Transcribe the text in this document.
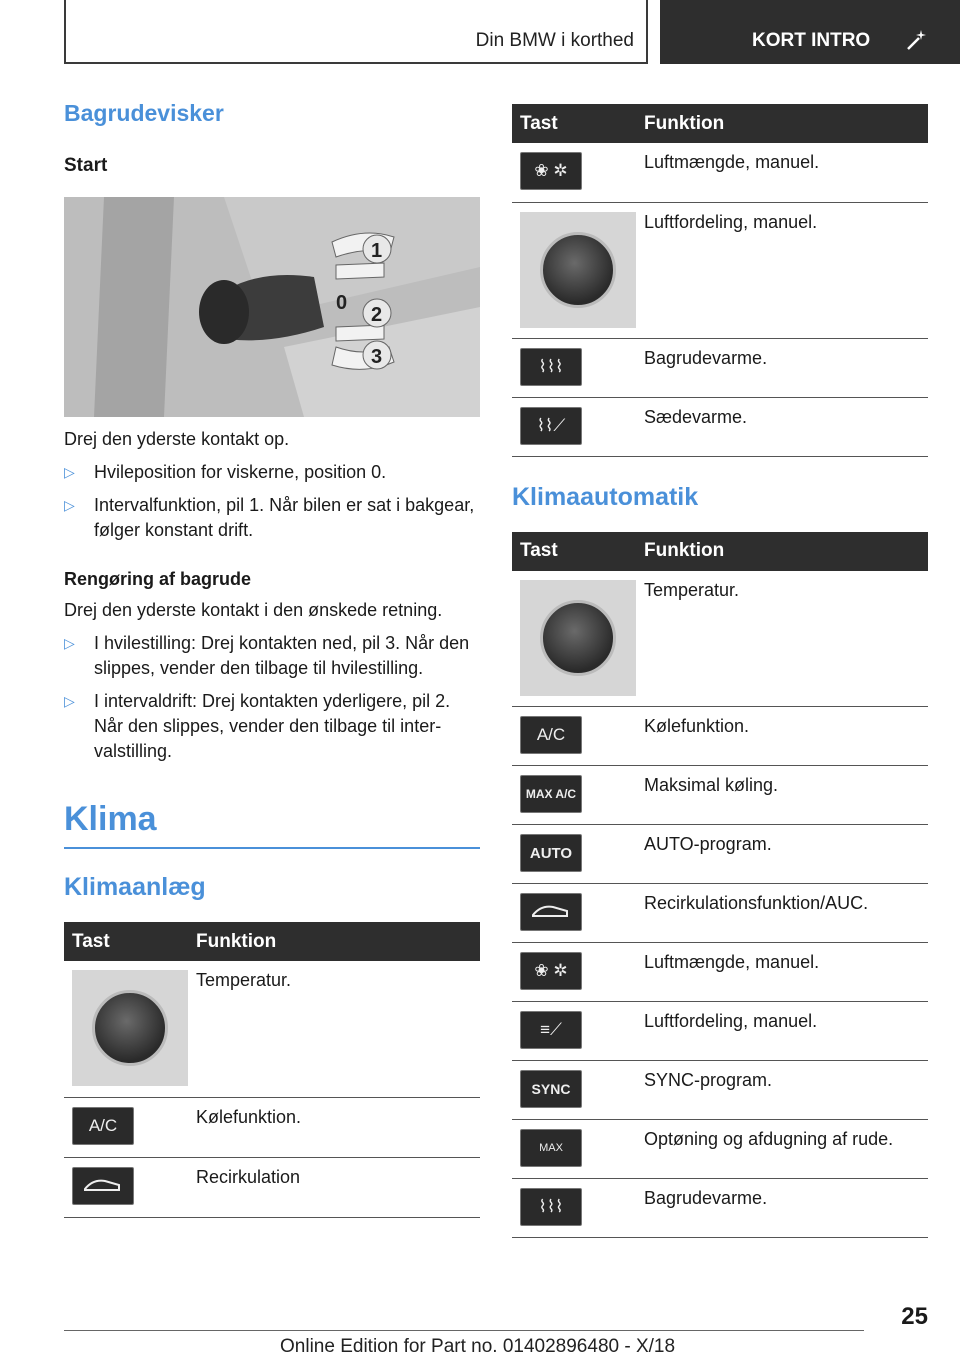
Din BMW i korthed	KORT INTRO
Bagrudevisker
Start
1
0
2
3

Drej den yderste kontakt op.

▷ Hvileposition for viskerne, position 0.
▷ Intervalfunktion, pil 1. Når bilen er sat i bakgear, følger konstant drift.
Rengøring af bagrude

Drej den yderste kontakt i den ønskede retning.

▷ I hvilestilling: Drej kontakten ned, pil 3. Når den slippes, vender den tilbage til hvilestilling.
▷ I intervaldrift: Drej kontakten yderligere, pil 2. Når den slippes, vender den tilbage til intervalstilling.
Klima
Klimaanlæg
Tast	Funktion

	Temperatur.

A/C	Kølefunktion.

	Recirkulation
Tast	Funktion

❀ ✲	Luftmængde, manuel.

	Luftfordeling, manuel.

⌇⌇⌇	Bagrudevarme.

⌇⌇⟋	Sædevarme.
Klimaautomatik
Tast	Funktion

	Temperatur.

A/C	Kølefunktion.

MAX A/C	Maksimal køling.

AUTO	AUTO-program.

	Recirkulationsfunktion/AUC.

❀ ✲	Luftmængde, manuel.

≡⟋	Luftfordeling, manuel.

SYNC	SYNC-program.

MAX	Optøning og afdugning af rude.

⌇⌇⌇	Bagrudevarme.
25
Online Edition for Part no. 01402896480 - X/18
